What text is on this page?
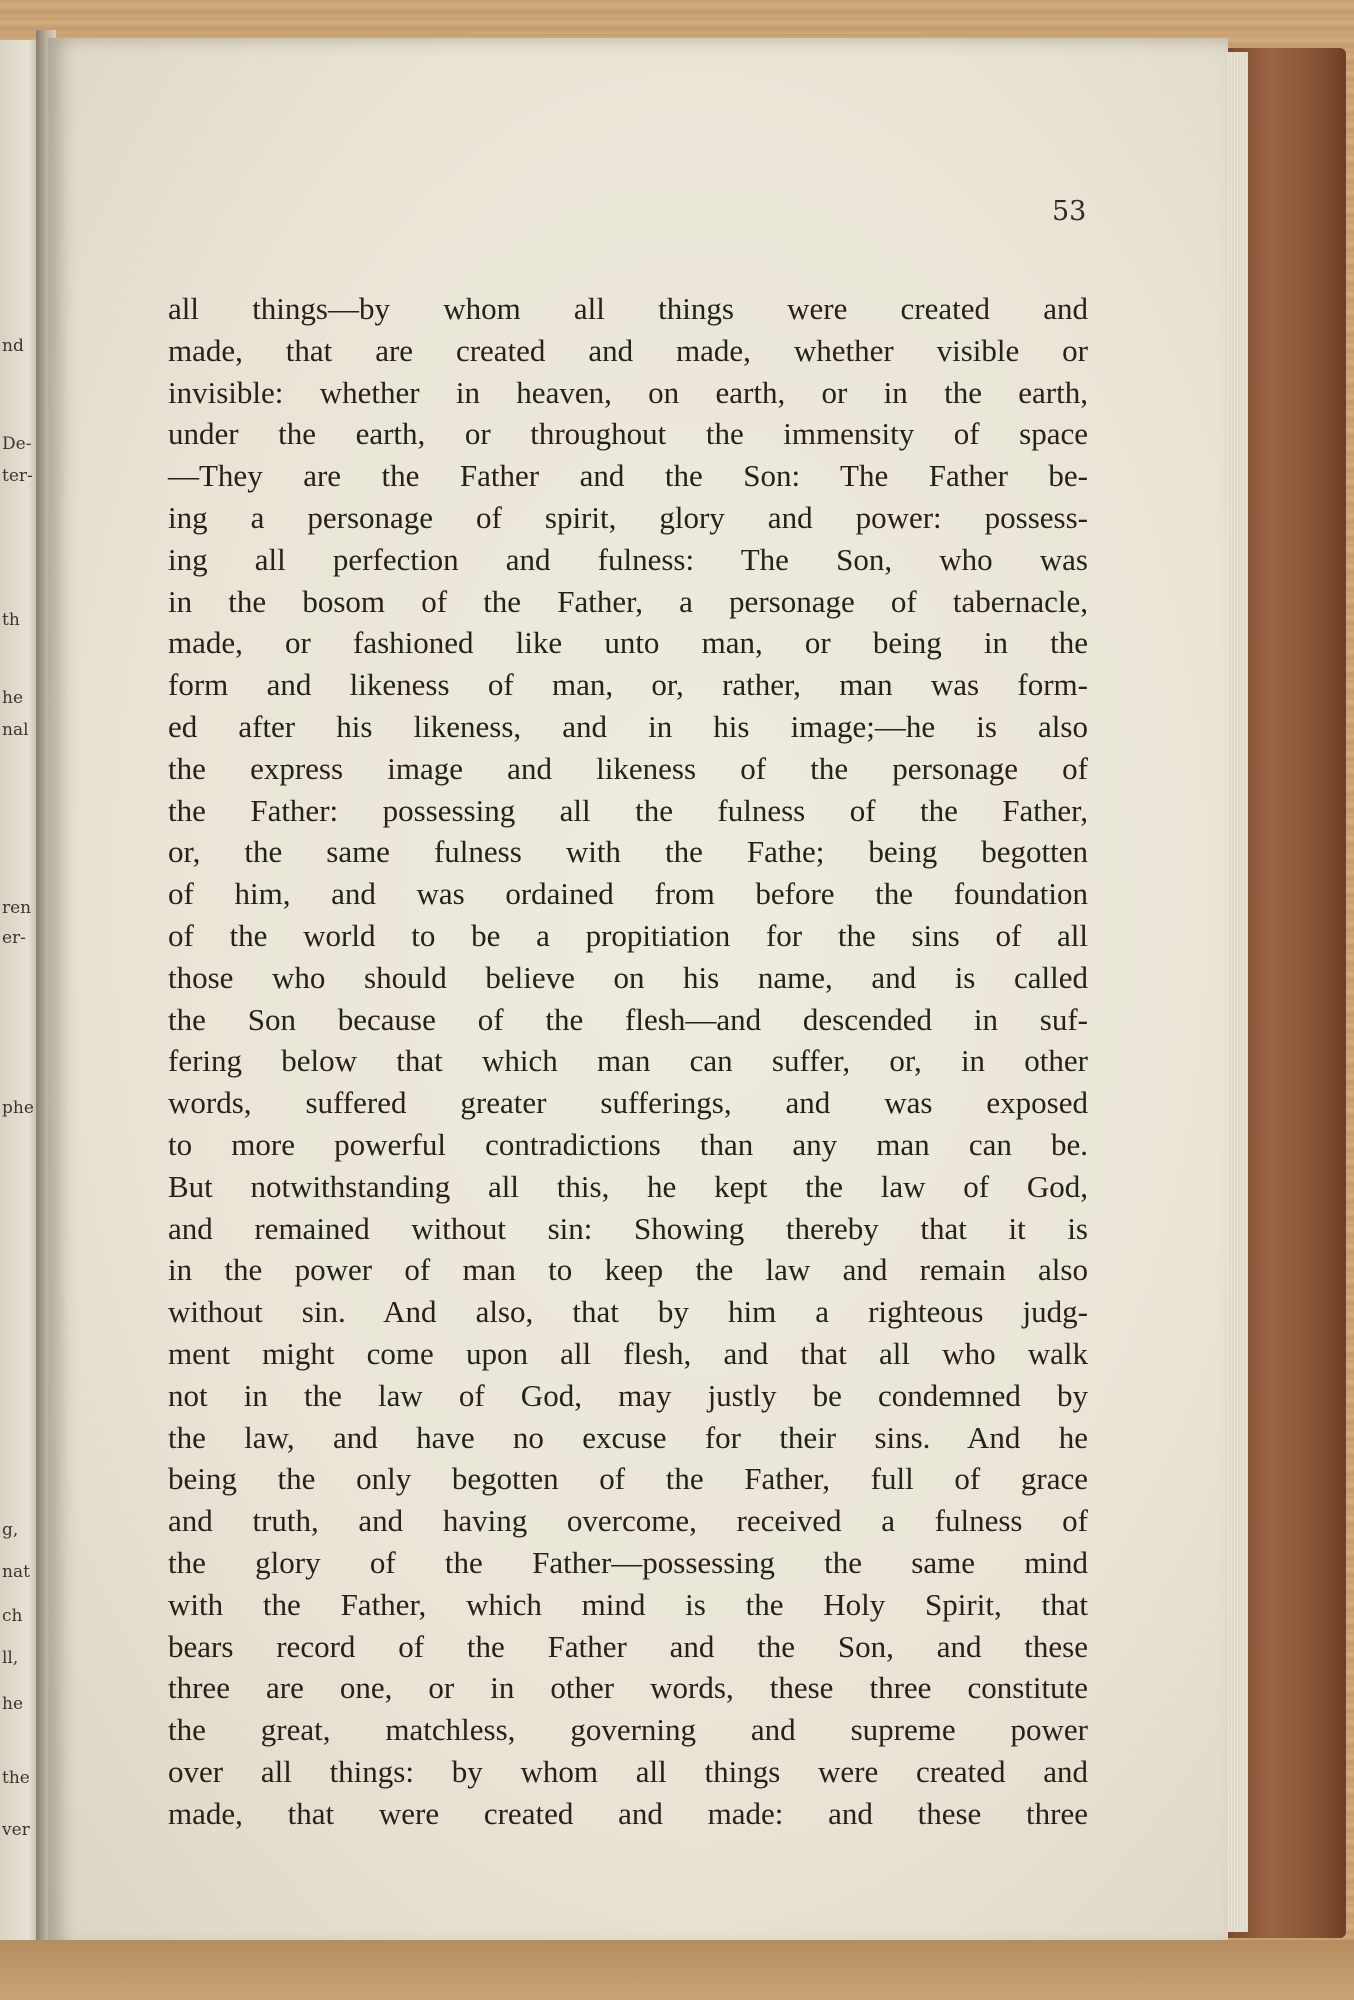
nd
De-
ter-
th
he
nal
ren
er-
phe
g,
nat
ch
ll,
he
the
ver
53
all things—by whom all things were created and
made, that are created and made, whether visible or
invisible: whether in heaven, on earth, or in the earth,
under the earth, or throughout the immensity of space
—They are the Father and the Son: The Father be-
ing a personage of spirit, glory and power: possess-
ing all perfection and fulness: The Son, who was
in the bosom of the Father, a personage of tabernacle,
made, or fashioned like unto man, or being in the
form and likeness of man, or, rather, man was form-
ed after his likeness, and in his image;—he is also
the express image and likeness of the personage of
the Father: possessing all the fulness of the Father,
or, the same fulness with the Fathe; being begotten
of him, and was ordained from before the foundation
of the world to be a propitiation for the sins of all
those who should believe on his name, and is called
the Son because of the flesh—and descended in suf-
fering below that which man can suffer, or, in other
words, suffered greater sufferings, and was exposed
to more powerful contradictions than any man can be.
But notwithstanding all this, he kept the law of God,
and remained without sin: Showing thereby that it is
in the power of man to keep the law and remain also
without sin. And also, that by him a righteous judg-
ment might come upon all flesh, and that all who walk
not in the law of God, may justly be condemned by
the law, and have no excuse for their sins. And he
being the only begotten of the Father, full of grace
and truth, and having overcome, received a fulness of
the glory of the Father—possessing the same mind
with the Father, which mind is the Holy Spirit, that
bears record of the Father and the Son, and these
three are one, or in other words, these three constitute
the great, matchless, governing and supreme power
over all things: by whom all things were created and
made, that were created and made: and these three
